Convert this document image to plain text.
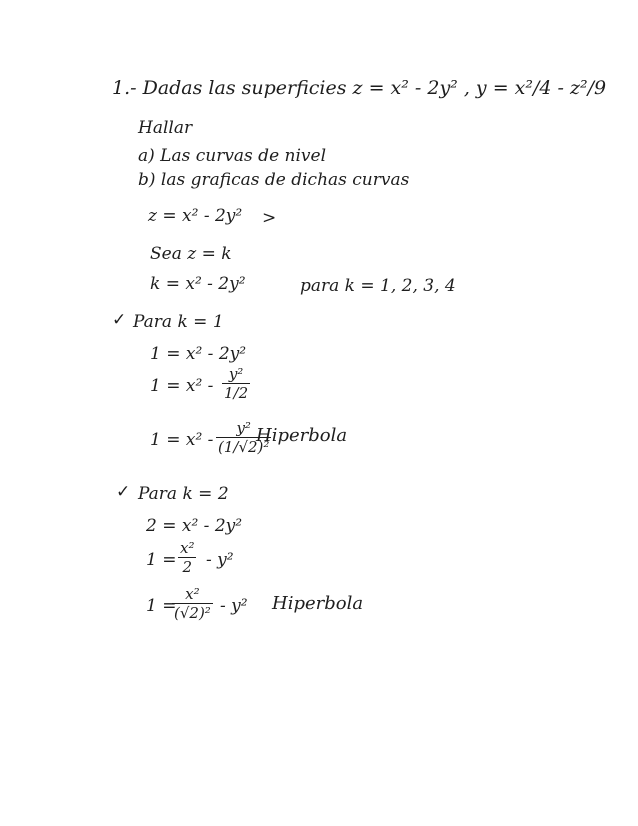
1.- Dadas las superficies z = x² - 2y² , y = x²/4 - z²/9
Hallar
a) Las curvas de nivel
b) las graficas de dichas curvas
z = x² - 2y² >
Sea z = k
k = x² - 2y²	para k = 1, 2, 3, 4
✓ Para k = 1
1 = x² - 2y²
1 = x² -
y²
1/2
1 = x² -
y²
(1/√2)²
Hiperbola
✓ Para k = 2
2 = x² - 2y²
1 =
x²
2 - y²
1 =
x²
(√2)² - y² Hiperbola
